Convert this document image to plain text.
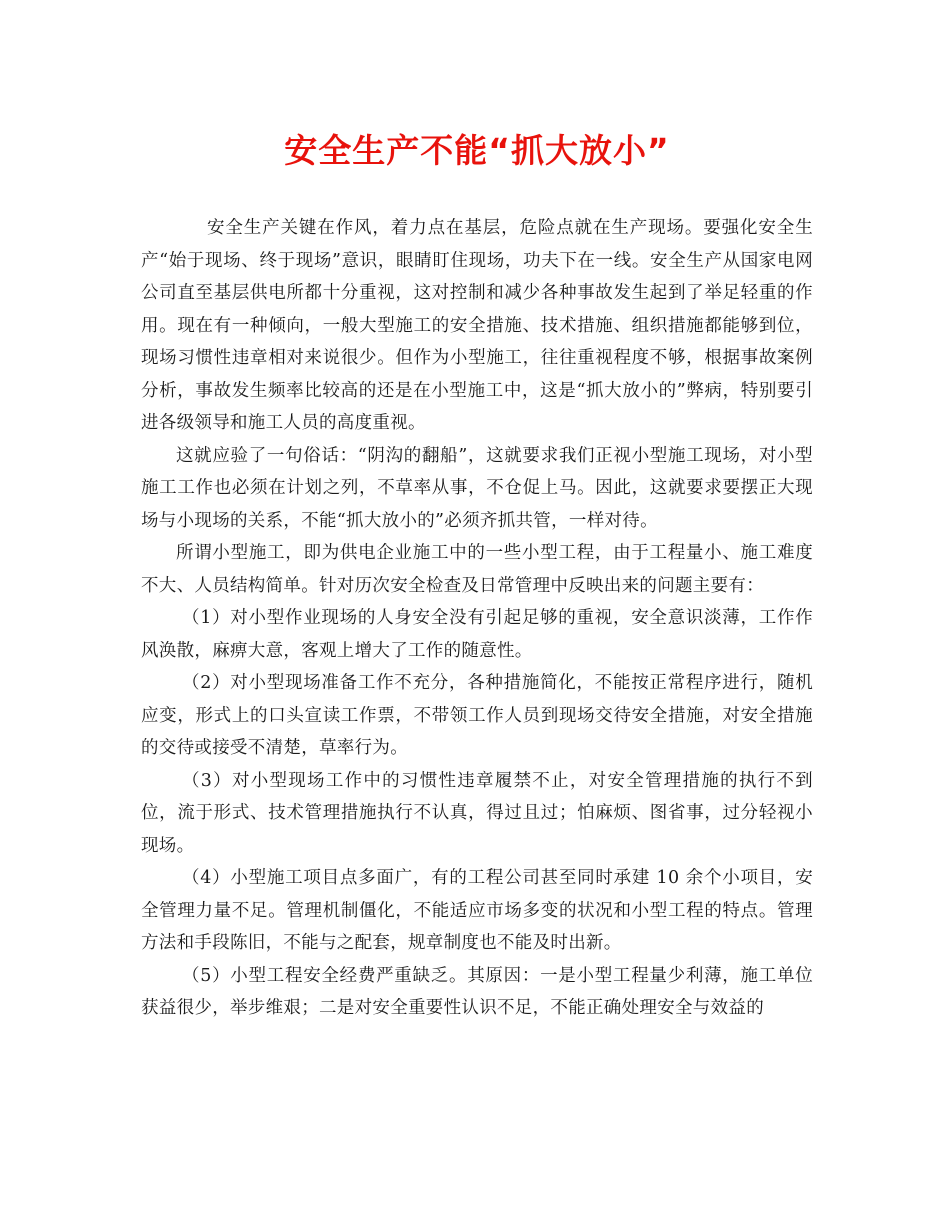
安全生产不能“抓大放小”

安全生产关键在作风，着力点在基层，危险点就在生产现场。要强化安全生产“始于现场、终于现场”意识，眼睛盯住现场，功夫下在一线。安全生产从国家电网公司直至基层供电所都十分重视，这对控制和减少各种事故发生起到了举足轻重的作用。现在有一种倾向，一般大型施工的安全措施、技术措施、组织措施都能够到位，现场习惯性违章相对来说很少。但作为小型施工，往往重视程度不够，根据事故案例分析，事故发生频率比较高的还是在小型施工中，这是“抓大放小的”弊病，特别要引进各级领导和施工人员的高度重视。

这就应验了一句俗话：“阴沟的翻船”，这就要求我们正视小型施工现场，对小型施工工作也必须在计划之列，不草率从事，不仓促上马。因此，这就要求要摆正大现场与小现场的关系，不能“抓大放小的”必须齐抓共管，一样对待。

所谓小型施工，即为供电企业施工中的一些小型工程，由于工程量小、施工难度不大、人员结构简单。针对历次安全检查及日常管理中反映出来的问题主要有：

（1）对小型作业现场的人身安全没有引起足够的重视，安全意识淡薄，工作作风涣散，麻痹大意，客观上增大了工作的随意性。

（2）对小型现场准备工作不充分，各种措施简化，不能按正常程序进行，随机应变，形式上的口头宣读工作票，不带领工作人员到现场交待安全措施，对安全措施的交待或接受不清楚，草率行为。

（3）对小型现场工作中的习惯性违章履禁不止，对安全管理措施的执行不到位，流于形式、技术管理措施执行不认真，得过且过；怕麻烦、图省事，过分轻视小现场。

（4）小型施工项目点多面广，有的工程公司甚至同时承建 10 余个小项目，安全管理力量不足。管理机制僵化，不能适应市场多变的状况和小型工程的特点。管理方法和手段陈旧，不能与之配套，规章制度也不能及时出新。

（5）小型工程安全经费严重缺乏。其原因：一是小型工程量少利薄，施工单位获益很少，举步维艰；二是对安全重要性认识不足，不能正确处理安全与效益的
